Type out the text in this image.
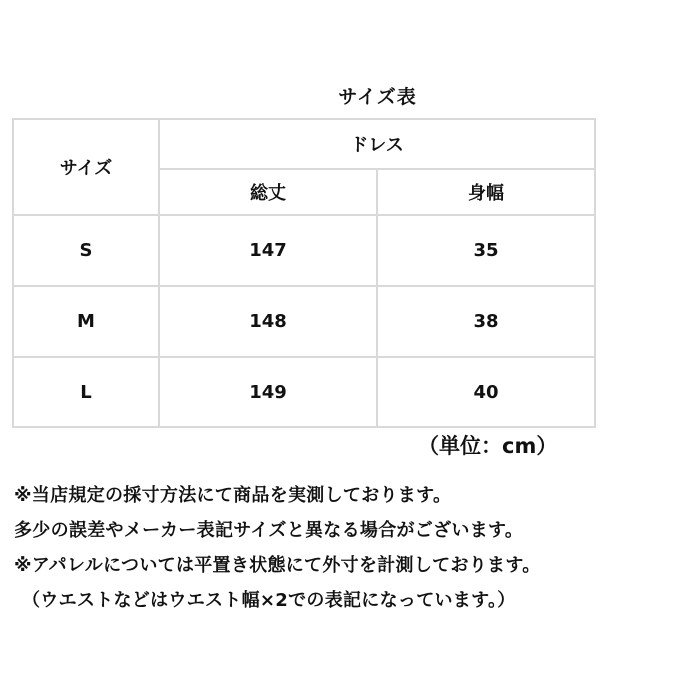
サイズ表
サイズ	ドレス	
	総丈	身幅
S	147	35
M	148	38
L	149	40
（単位：cm）
※当店規定の採寸方法にて商品を実測しております。
多少の誤差やメーカー表記サイズと異なる場合がございます。
※アパレルについては平置き状態にて外寸を計測しております。
（ウエストなどはウエスト幅×2での表記になっています。）
